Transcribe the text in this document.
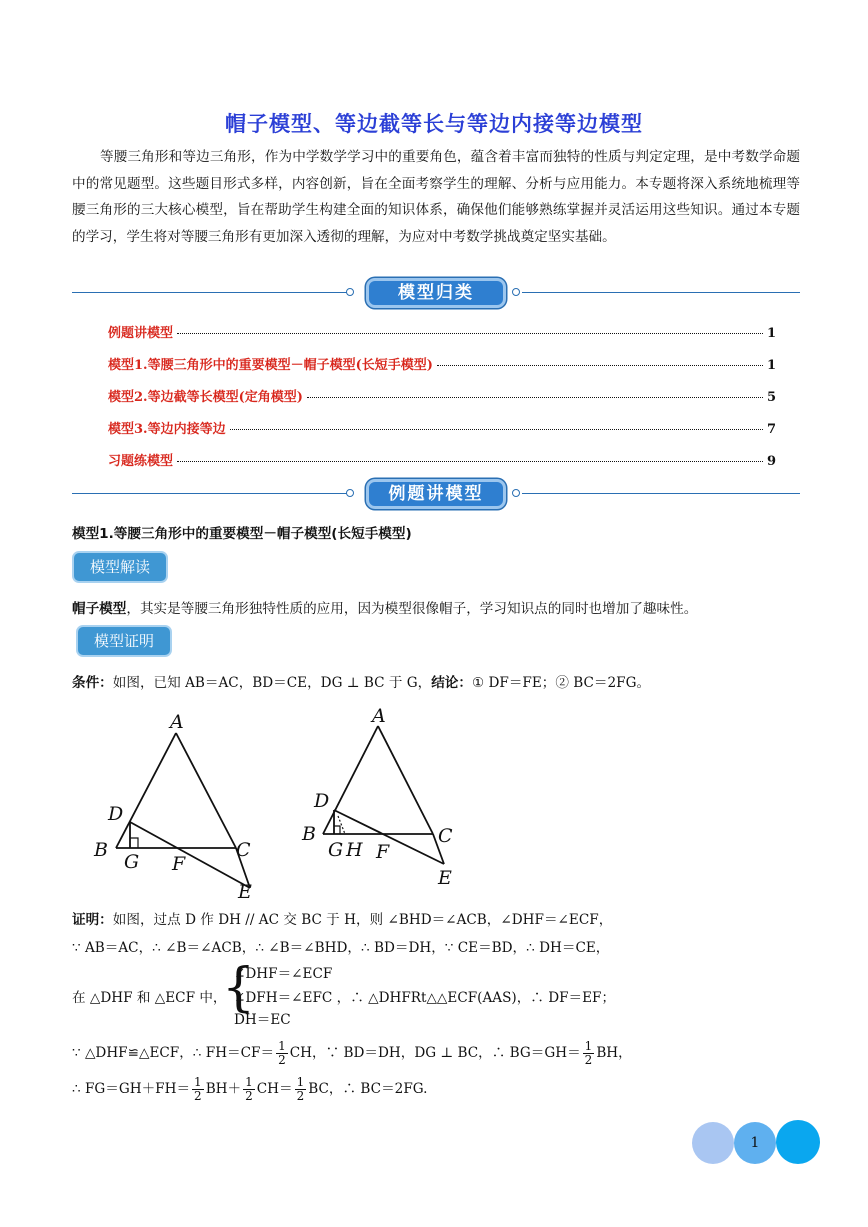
帽子模型、等边截等长与等边内接等边模型
等腰三角形和等边三角形，作为中学数学学习中的重要角色，蕴含着丰富而独特的性质与判定定理，是中考数学命题中的常见题型。这些题目形式多样，内容创新，旨在全面考察学生的理解、分析与应用能力。本专题将深入系统地梳理等腰三角形的三大核心模型，旨在帮助学生构建全面的知识体系，确保他们能够熟练掌握并灵活运用这些知识。通过本专题的学习，学生将对等腰三角形有更加深入透彻的理解，为应对中考数学挑战奠定坚实基础。
模型归类
例题讲模型	1
模型1.等腰三角形中的重要模型－帽子模型(长短手模型)	1
模型2.等边截等长模型(定角模型)	5
模型3.等边内接等边	7
习题练模型	9
例题讲模型
模型1.等腰三角形中的重要模型－帽子模型(长短手模型)
模型解读
帽子模型，其实是等腰三角形独特性质的应用，因为模型很像帽子，学习知识点的同时也增加了趣味性。
模型证明
条件：如图，已知 AB＝AC，BD＝CE，DG ⊥ BC 于 G，结论：① DF＝FE；② BC＝2FG。
A
D
B
G F
C
E
A
D
B
G H F
C
E
证明：如图，过点 D 作 DH // AC 交 BC 于 H，则 ∠BHD＝∠ACB，∠DHF＝∠ECF，
∵ AB＝AC，∴ ∠B＝∠ACB，∴ ∠B＝∠BHD，∴ BD＝DH，∵ CE＝BD，∴ DH＝CE，
在 △DHF 和 △ECF 中，
{
∠DHF＝∠ECF
∠DFH＝∠EFC ，∴ △DHFRt△△ECF(AAS)，∴ DF＝EF；
DH＝EC
∵ △DHF≌△ECF，∴ $FH=CF= \frac{1}{2}$ CH，∵ BD＝DH，DG ⊥ BC，∴ $BG=GH= \frac{1}{2}$ BH，
∴ $FG=GH+FH= \frac{1}{2} BH+ \frac{1}{2} CH= \frac{1}{2}$ BC，∴ BC＝2FG.
1
